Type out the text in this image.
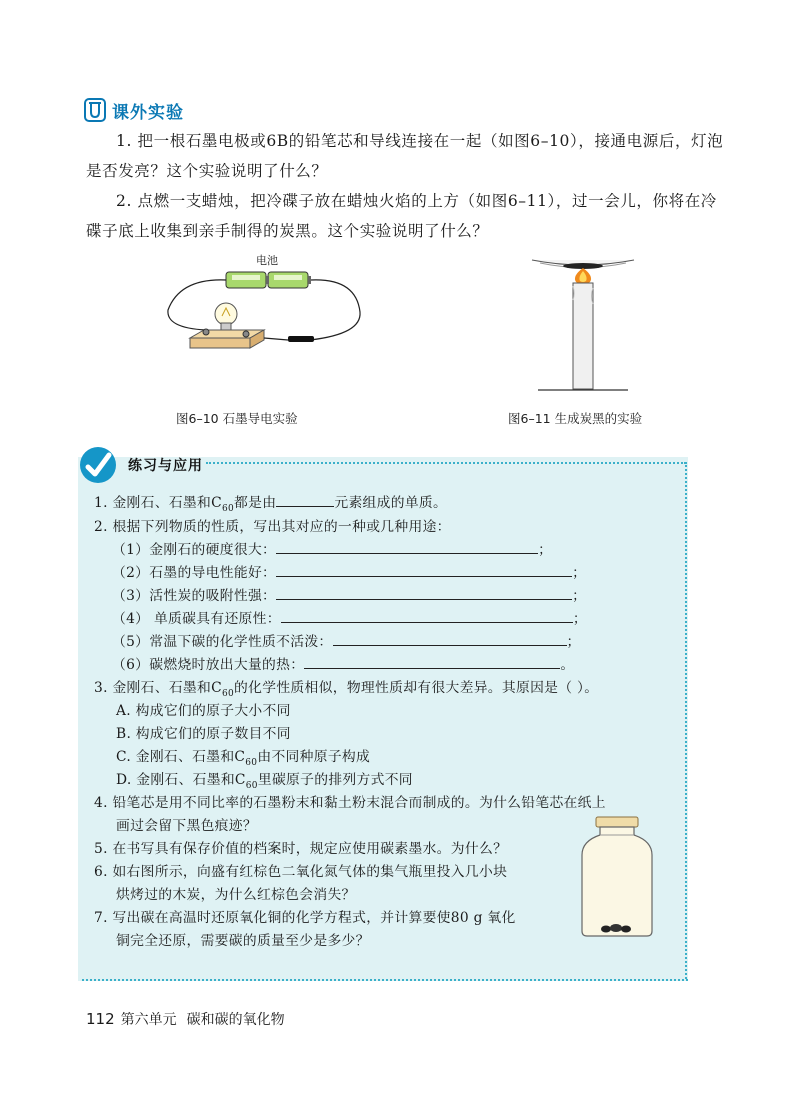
课外实验
1. 把一根石墨电极或6B的铅笔芯和导线连接在一起（如图6–10），接通电源后，灯泡是否发亮？这个实验说明了什么？
2. 点燃一支蜡烛，把冷碟子放在蜡烛火焰的上方（如图6–11），过一会儿，你将在冷碟子底上收集到亲手制得的炭黑。这个实验说明了什么？
电池
图6–10 石墨导电实验	图6–11 生成炭黑的实验
练习与应用
1. 金刚石、石墨和$C_{60}$都是由	元素组成的单质。
2. 根据下列物质的性质，写出其对应的一种或几种用途：
（1）金刚石的硬度很大：	；
（2）石墨的导电性能好：	；
（3）活性炭的吸附性强：	；
（4） 单质碳具有还原性：	；
（5）常温下碳的化学性质不活泼：	；
（6）碳燃烧时放出大量的热：	。
3. 金刚石、石墨和$C_{60}$的化学性质相似，物理性质却有很大差异。其原因是（ ）。
A. 构成它们的原子大小不同
B. 构成它们的原子数目不同
C. 金刚石、石墨和$C_{60}$由不同种原子构成
D. 金刚石、石墨和$C_{60}$里碳原子的排列方式不同
4. 铅笔芯是用不同比率的石墨粉末和黏土粉末混合而制成的。为什么铅笔芯在纸上
画过会留下黑色痕迹？
5. 在书写具有保存价值的档案时，规定应使用碳素墨水。为什么？
6. 如右图所示，向盛有红棕色二氧化氮气体的集气瓶里投入几小块
烘烤过的木炭，为什么红棕色会消失？
7. 写出碳在高温时还原氧化铜的化学方程式，并计算要使80 g 氧化
铜完全还原，需要碳的质量至少是多少？
112 第六单元 碳和碳的氧化物
